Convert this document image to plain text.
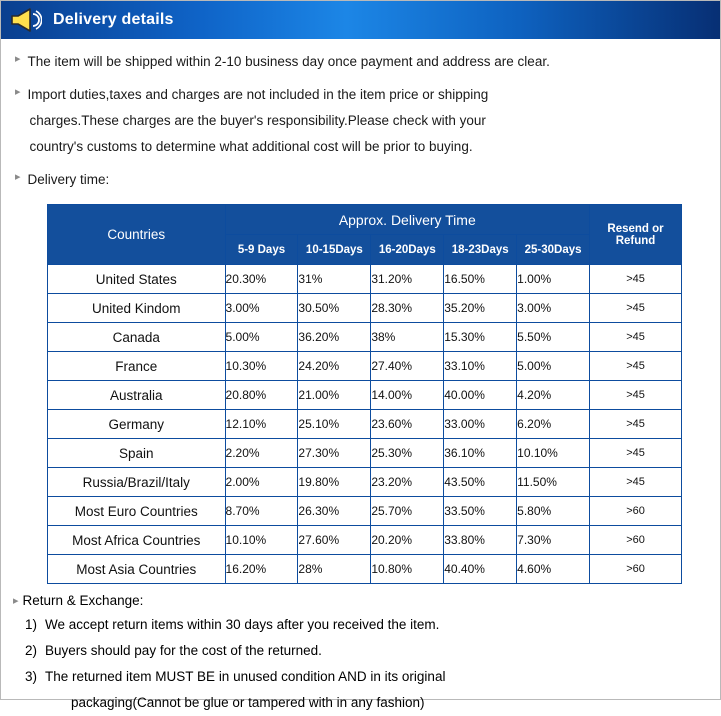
Delivery details
▸ The item will be shipped within 2-10 business day once payment and address are clear.
▸ Import duties,taxes and charges are not included in the item price or shipping
charges.These charges are the buyer's responsibility.Please check with your
country's customs to determine what additional cost will be prior to buying.
▸ Delivery time:
Countries	Approx. Delivery Time					Resend or Refund
	5-9 Days	10-15Days	16-20Days	18-23Days	25-30Days	
United States	20.30%	31%	31.20%	16.50%	1.00%	>45
United Kindom	3.00%	30.50%	28.30%	35.20%	3.00%	>45
Canada	5.00%	36.20%	38%	15.30%	5.50%	>45
France	10.30%	24.20%	27.40%	33.10%	5.00%	>45
Australia	20.80%	21.00%	14.00%	40.00%	4.20%	>45
Germany	12.10%	25.10%	23.60%	33.00%	6.20%	>45
Spain	2.20%	27.30%	25.30%	36.10%	10.10%	>45
Russia/Brazil/Italy	2.00%	19.80%	23.20%	43.50%	11.50%	>45
Most Euro Countries	8.70%	26.30%	25.70%	33.50%	5.80%	>60
Most Africa Countries	10.10%	27.60%	20.20%	33.80%	7.30%	>60
Most Asia Countries	16.20%	28%	10.80%	40.40%	4.60%	>60
▸ Return & Exchange:
1) We accept return items within 30 days after you received the item.
2) Buyers should pay for the cost of the returned.
3) The returned item MUST BE in unused condition AND in its original
packaging(Cannot be glue or tampered with in any fashion)
